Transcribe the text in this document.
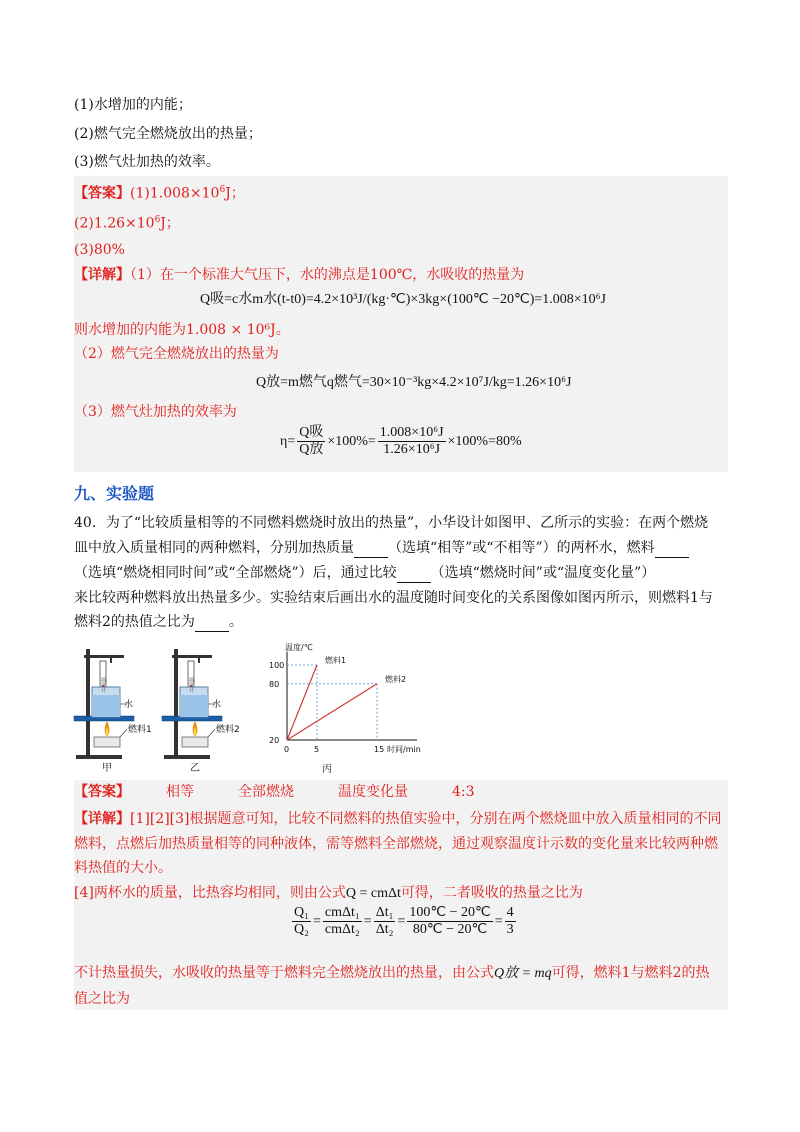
(1)水增加的内能；
(2)燃气完全燃烧放出的热量；
(3)燃气灶加热的效率。
【答案】$(1)1.008\times 10^6J$；
$(2)1.26\times 10^6J$；
(3)80%
【详解】（1）在一个标准大气压下，水的沸点是100℃，水吸收的热量为
Q吸=c水m水(t-t0)=4.2×10³J/(kg·℃)×3kg×(100℃ −20℃)=1.008×10⁶J
则水增加的内能为1.008 × 10⁶J。
（2）燃气完全燃烧放出的热量为
Q放=m燃气q燃气=30×10⁻³kg×4.2×10⁷J/kg=1.26×10⁶J
（3）燃气灶加热的效率为
$\eta= \frac{\text{Q吸}}{\text{Q放}} \times 100\%= \frac{\text{1.008×10⁶J}}{\text{1.26×10⁶J}} \times 100\%=80\%$
九、实验题
40．为了“比较质量相等的不同燃料燃烧时放出的热量”，小华设计如图甲、乙所示的实验：在两个燃烧
皿中放入质量相同的两种燃料，分别加热质量 （选填“相等”或“不相等”）的两杯水，燃料
（选填“燃烧相同时间”或“全部燃烧”）后，通过比较 （选填“燃烧时间”或“温度变化量”）
来比较两种燃料放出热量多少。实验结束后画出水的温度随时间变化的关系图像如图丙所示，则燃料1与
燃料2的热值之比为 。
甲	乙
水
燃料1
水
燃料2
温度计	温度计
温度/℃
时间/min
0	5	15
20
80
100
燃料1
燃料2
丙
【答案】	相等	全部燃烧	温度变化量	4:3
【详解】[1][2][3]根据题意可知，比较不同燃料的热值实验中，分别在两个燃烧皿中放入质量相同的不同
燃料，点燃后加热质量相等的同种液体，需等燃料全部燃烧，通过观察温度计示数的变化量来比较两种燃
料热值的大小。
[4]两杯水的质量，比热容均相同，则由公式Q = cmΔt可得，二者吸收的热量之比为
$\frac{\text{Q₁}}{\text{Q₂}} = \frac{\text{cmΔt₁}}{\text{cmΔt₂}} = \frac{\text{Δt₁}}{\text{Δt₂}} = \frac{100℃ - 20℃}{80℃ - 20℃} = \frac{4}{3}$
不计热量损失，水吸收的热量等于燃料完全燃烧放出的热量，由公式Q放 = mq可得，燃料1与燃料2的热
值之比为
